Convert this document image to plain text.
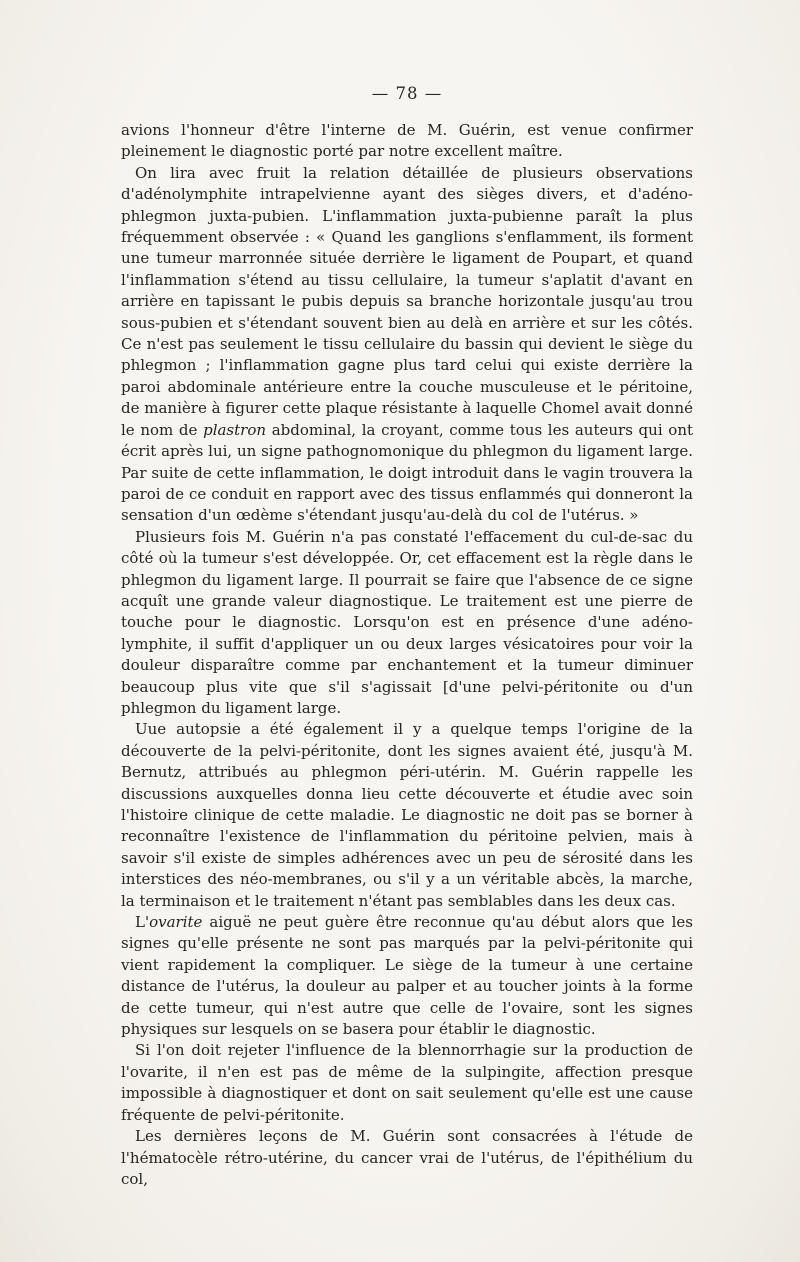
— 78 —

avions l'honneur d'être l'interne de M. Guérin, est venue confirmer pleinement le diagnostic porté par notre excellent maître.

On lira avec fruit la relation détaillée de plusieurs observations d'adénolymphite intrapelvienne ayant des sièges divers, et d'adéno-phlegmon juxta-pubien. L'inflammation juxta-pubienne paraît la plus fréquemment observée : « Quand les ganglions s'enflamment, ils forment une tumeur marronnée située derrière le ligament de Poupart, et quand l'inflammation s'étend au tissu cellulaire, la tumeur s'aplatit d'avant en arrière en tapissant le pubis depuis sa branche horizontale jusqu'au trou sous-pubien et s'étendant souvent bien au delà en arrière et sur les côtés. Ce n'est pas seulement le tissu cellulaire du bassin qui devient le siège du phlegmon ; l'inflammation gagne plus tard celui qui existe derrière la paroi abdominale antérieure entre la couche musculeuse et le péritoine, de manière à figurer cette plaque résistante à laquelle Chomel avait donné le nom de plastron abdominal, la croyant, comme tous les auteurs qui ont écrit après lui, un signe pathognomonique du phlegmon du ligament large. Par suite de cette inflammation, le doigt introduit dans le vagin trouvera la paroi de ce conduit en rapport avec des tissus enflammés qui donneront la sensation d'un œdème s'étendant jusqu'au-delà du col de l'utérus. »

Plusieurs fois M. Guérin n'a pas constaté l'effacement du cul-de-sac du côté où la tumeur s'est développée. Or, cet effacement est la règle dans le phlegmon du ligament large. Il pourrait se faire que l'absence de ce signe acquît une grande valeur diagnostique. Le traitement est une pierre de touche pour le diagnostic. Lorsqu'on est en présence d'une adéno-lymphite, il suffit d'appliquer un ou deux larges vésicatoires pour voir la douleur disparaître comme par enchantement et la tumeur diminuer beaucoup plus vite que s'il s'agissait [d'une pelvi-péritonite ou d'un phlegmon du ligament large.

Uue autopsie a été également il y a quelque temps l'origine de la découverte de la pelvi-péritonite, dont les signes avaient été, jusqu'à M. Bernutz, attribués au phlegmon péri-utérin. M. Guérin rappelle les discussions auxquelles donna lieu cette découverte et étudie avec soin l'histoire clinique de cette maladie. Le diagnostic ne doit pas se borner à reconnaître l'existence de l'inflammation du péritoine pelvien, mais à savoir s'il existe de simples adhérences avec un peu de sérosité dans les interstices des néo-membranes, ou s'il y a un véritable abcès, la marche, la terminaison et le traitement n'étant pas semblables dans les deux cas.

L'ovarite aiguë ne peut guère être reconnue qu'au début alors que les signes qu'elle présente ne sont pas marqués par la pelvi-péritonite qui vient rapidement la compliquer. Le siège de la tumeur à une certaine distance de l'utérus, la douleur au palper et au toucher joints à la forme de cette tumeur, qui n'est autre que celle de l'ovaire, sont les signes physiques sur lesquels on se basera pour établir le diagnostic.

Si l'on doit rejeter l'influence de la blennorrhagie sur la production de l'ovarite, il n'en est pas de même de la sulpingite, affection presque impossible à diagnostiquer et dont on sait seulement qu'elle est une cause fréquente de pelvi-péritonite.

Les dernières leçons de M. Guérin sont consacrées à l'étude de l'hématocèle rétro-utérine, du cancer vrai de l'utérus, de l'épithélium du col,
